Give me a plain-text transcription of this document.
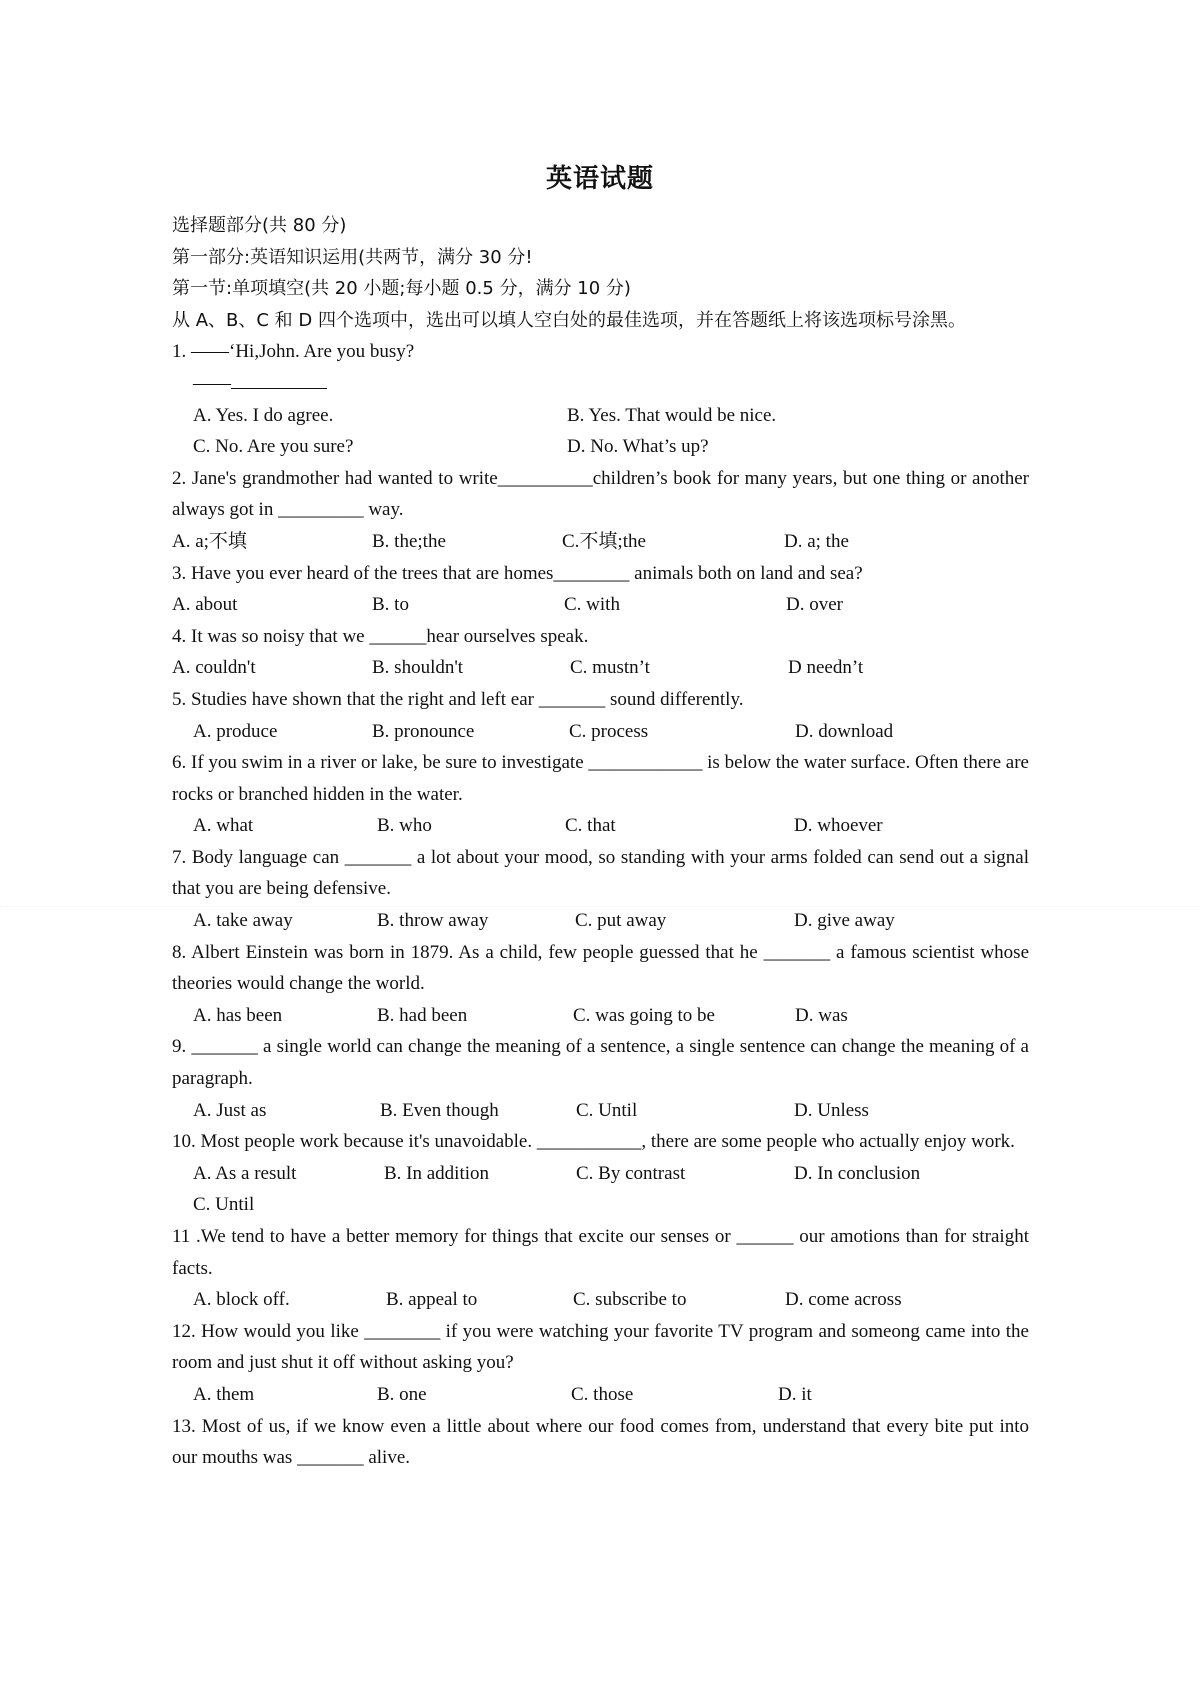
英语试题
选择题部分(共 80 分)
第一部分:英语知识运用(共两节，满分 30 分!
第一节:单项填空(共 20 小题;每小题 0.5 分，满分 10 分)
从 A、B、C 和 D 四个选项中，选出可以填人空白处的最佳选项，并在答题纸上将该选项标号涂黑。
1. ——‘Hi,John. Are you busy?
——
A. Yes. I do agree.	B. Yes. That would be nice.
C. No. Are you sure?	D. No. What’s up?
2. Jane's grandmother had wanted to write__________children’s book for many years, but one thing or another always got in _________ way.
A. a;不填	B. the;the	C.不填;the	D. a; the
3. Have you ever heard of the trees that are homes________ animals both on land and sea?
A. about	B. to	C. with	D. over
4. It was so noisy that we ______hear ourselves speak.
A. couldn't	B. shouldn't	C. mustn’t	D needn’t
5. Studies have shown that the right and left ear _______ sound differently.
A. produce	B. pronounce	C. process	D. download
6. If you swim in a river or lake, be sure to investigate ____________ is below the water surface. Often there are rocks or branched hidden in the water.
A. what	B. who	C. that	D. whoever
7. Body language can _______ a lot about your mood, so standing with your arms folded can send out a signal that you are being defensive.
A. take away	B. throw away	C. put away	D. give away
8. Albert Einstein was born in 1879. As a child, few people guessed that he _______ a famous scientist whose theories would change the world.
A. has been	B. had been	C. was going to be	D. was
9. _______ a single world can change the meaning of a sentence, a single sentence can change the meaning of a paragraph.
A. Just as	B. Even though	C. Until	D. Unless
10. Most people work because it's unavoidable. ___________, there are some people who actually enjoy work.
A. As a result	B. In addition	C. By contrast	D. In conclusion
C. Until
11 .We tend to have a better memory for things that excite our senses or ______ our amotions than for straight facts.
A. block off.	B. appeal to	C. subscribe to	D. come across
12. How would you like ________ if you were watching your favorite TV program and someong came into the room and just shut it off without asking you?
A. them	B. one	C. those	D. it
13. Most of us, if we know even a little about where our food comes from, understand that every bite put into our mouths was _______ alive.
